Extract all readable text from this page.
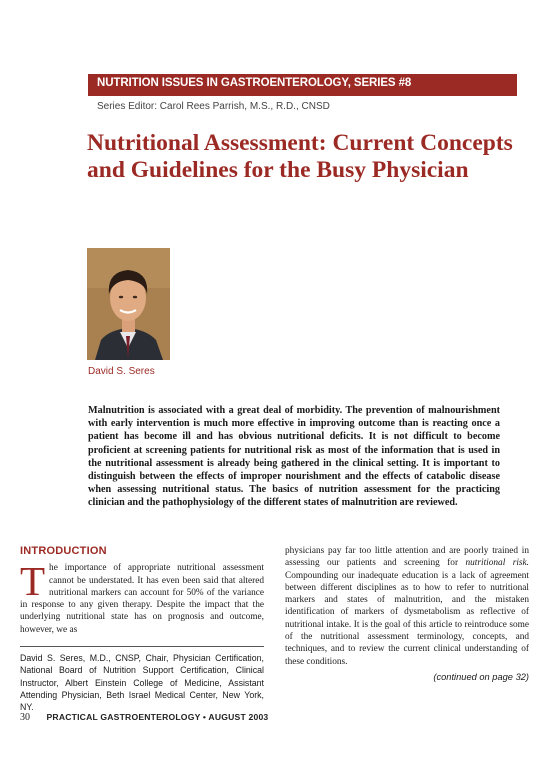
NUTRITION ISSUES IN GASTROENTEROLOGY, SERIES #8
Series Editor: Carol Rees Parrish, M.S., R.D., CNSD
Nutritional Assessment: Current Concepts and Guidelines for the Busy Physician
David S. Seres

Malnutrition is associated with a great deal of morbidity. The prevention of malnourishment with early intervention is much more effective in improving outcome than is reacting once a patient has become ill and has obvious nutritional deficits. It is not difficult to become proficient at screening patients for nutritional risk as most of the information that is used in the nutritional assessment is already being gathered in the clinical setting. It is important to distinguish between the effects of improper nourishment and the effects of catabolic disease when assessing nutritional status. The basics of nutrition assessment for the practicing clinician and the pathophysiology of the different states of malnutrition are reviewed.

INTRODUCTION

The importance of appropriate nutritional assessment cannot be understated. It has even been said that altered nutritional markers can account for 50% of the variance in response to any given therapy. Despite the impact that the underlying nutritional state has on prognosis and outcome, however, we as

David S. Seres, M.D., CNSP, Chair, Physician Certification, National Board of Nutrition Support Certification, Clinical Instructor, Albert Einstein College of Medicine, Assistant Attending Physician, Beth Israel Medical Center, New York, NY.

physicians pay far too little attention and are poorly trained in assessing our patients and screening for nutritional risk. Compounding our inadequate education is a lack of agreement between different disciplines as to how to refer to nutritional markers and states of malnutrition, and the mistaken identification of markers of dysmetabolism as reflective of nutritional intake. It is the goal of this article to reintroduce some of the nutritional assessment terminology, concepts, and techniques, and to review the current clinical understanding of these conditions.

(continued on page 32)
30 PRACTICAL GASTROENTEROLOGY • AUGUST 2003
